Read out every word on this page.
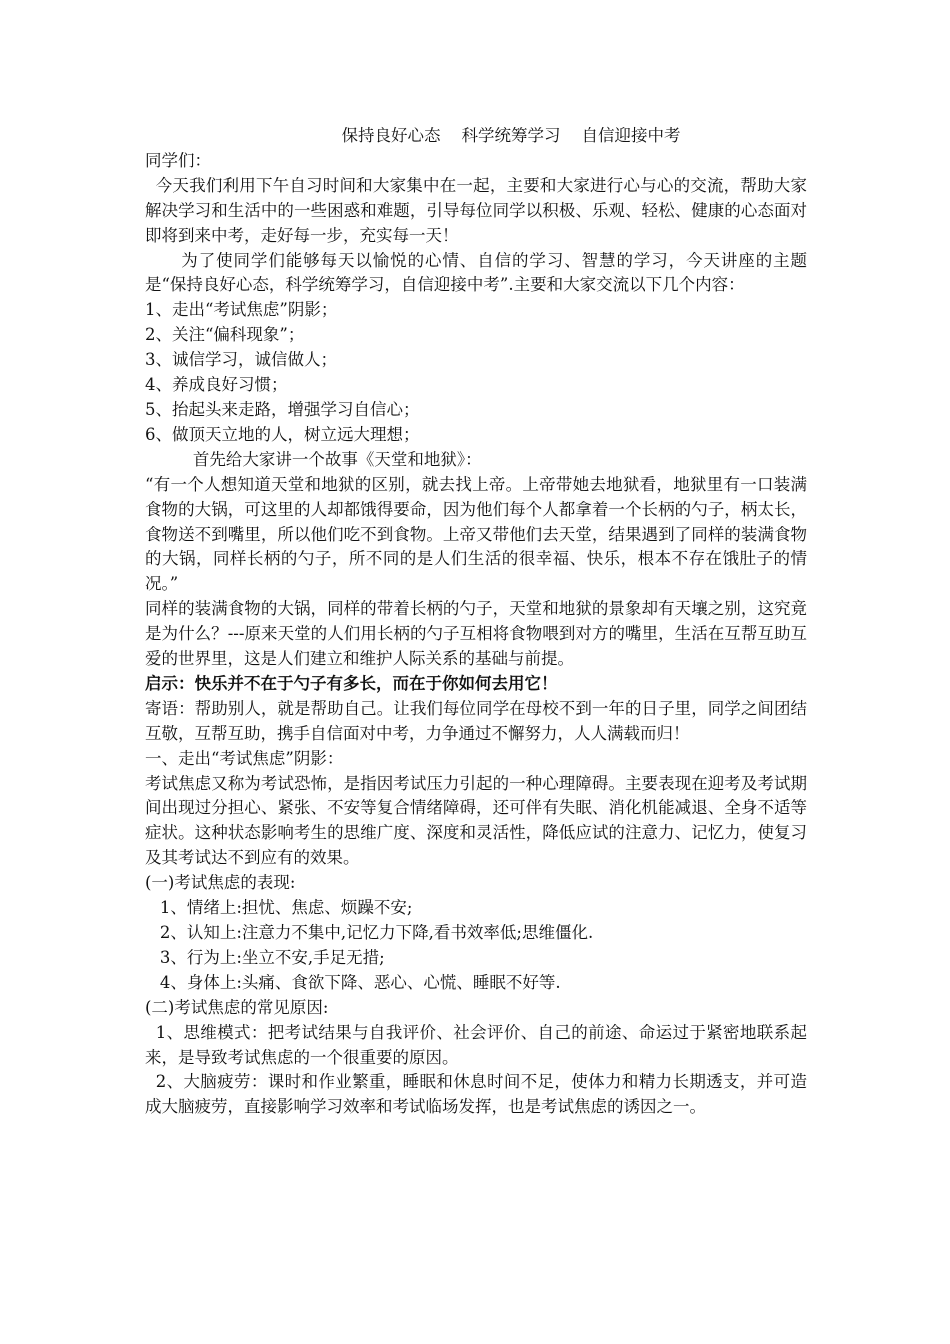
保持良好心态    科学统筹学习    自信迎接中考
同学们：

今天我们利用下午自习时间和大家集中在一起，主要和大家进行心与心的交流，帮助大家解决学习和生活中的一些困惑和难题，引导每位同学以积极、乐观、轻松、健康的心态面对即将到来中考，走好每一步，充实每一天！

为了使同学们能够每天以愉悦的心情、自信的学习、智慧的学习，今天讲座的主题是“保持良好心态，科学统筹学习，自信迎接中考”.主要和大家交流以下几个内容：

1、走出“考试焦虑”阴影；
2、关注“偏科现象”；
3、诚信学习，诚信做人；
4、养成良好习惯；
5、抬起头来走路，增强学习自信心；
6、做顶天立地的人，树立远大理想；
首先给大家讲一个故事《天堂和地狱》：

“有一个人想知道天堂和地狱的区别，就去找上帝。上帝带她去地狱看，地狱里有一口装满食物的大锅，可这里的人却都饿得要命，因为他们每个人都拿着一个长柄的勺子，柄太长，食物送不到嘴里，所以他们吃不到食物。上帝又带他们去天堂，结果遇到了同样的装满食物的大锅，同样长柄的勺子，所不同的是人们生活的很幸福、快乐，根本不存在饿肚子的情况。”

同样的装满食物的大锅，同样的带着长柄的勺子，天堂和地狱的景象却有天壤之别，这究竟是为什么？---原来天堂的人们用长柄的勺子互相将食物喂到对方的嘴里，生活在互帮互助互爱的世界里，这是人们建立和维护人际关系的基础与前提。

启示：快乐并不在于勺子有多长，而在于你如何去用它！

寄语：帮助别人，就是帮助自己。让我们每位同学在母校不到一年的日子里，同学之间团结互敬，互帮互助，携手自信面对中考，力争通过不懈努力，人人满载而归！

一、走出“考试焦虑”阴影：

考试焦虑又称为考试恐怖，是指因考试压力引起的一种心理障碍。主要表现在迎考及考试期间出现过分担心、紧张、不安等复合情绪障碍，还可伴有失眠、消化机能减退、全身不适等症状。这种状态影响考生的思维广度、深度和灵活性，降低应试的注意力、记忆力，使复习及其考试达不到应有的效果。

(一)考试焦虑的表现:
1、情绪上:担忧、焦虑、烦躁不安;
2、认知上:注意力不集中,记忆力下降,看书效率低;思维僵化.
3、行为上:坐立不安,手足无措;
4、身体上:头痛、食欲下降、恶心、心慌、睡眠不好等.
(二)考试焦虑的常见原因:

1、思维模式：把考试结果与自我评价、社会评价、自己的前途、命运过于紧密地联系起来，是导致考试焦虑的一个很重要的原因。

2、大脑疲劳：课时和作业繁重，睡眠和休息时间不足，使体力和精力长期透支，并可造成大脑疲劳，直接影响学习效率和考试临场发挥，也是考试焦虑的诱因之一。
